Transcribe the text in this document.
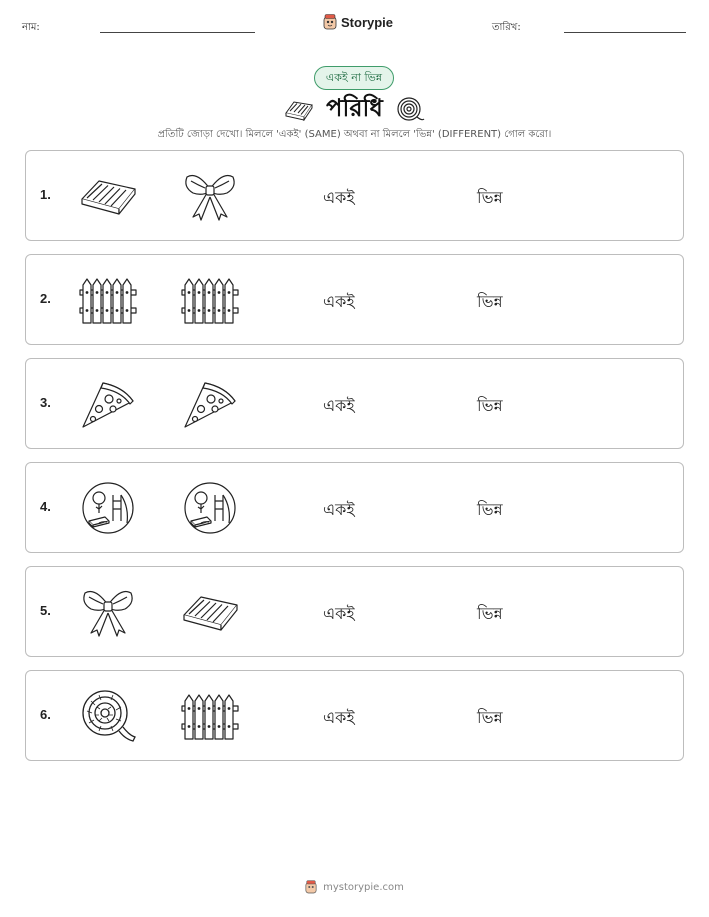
নাম:	Storypie	তারিখ:
একই না ভিন্ন
পরিধি
প্রতিটি জোড়া দেখো। মিললে 'একই' (SAME) অথবা না মিললে 'ভিন্ন' (DIFFERENT) গোল করো।
1.	একই	ভিন্ন
2.	একই	ভিন্ন
3.	একই	ভিন্ন
4.	একই	ভিন্ন
5.	একই	ভিন্ন
6.	একই	ভিন্ন
mystorypie.com
